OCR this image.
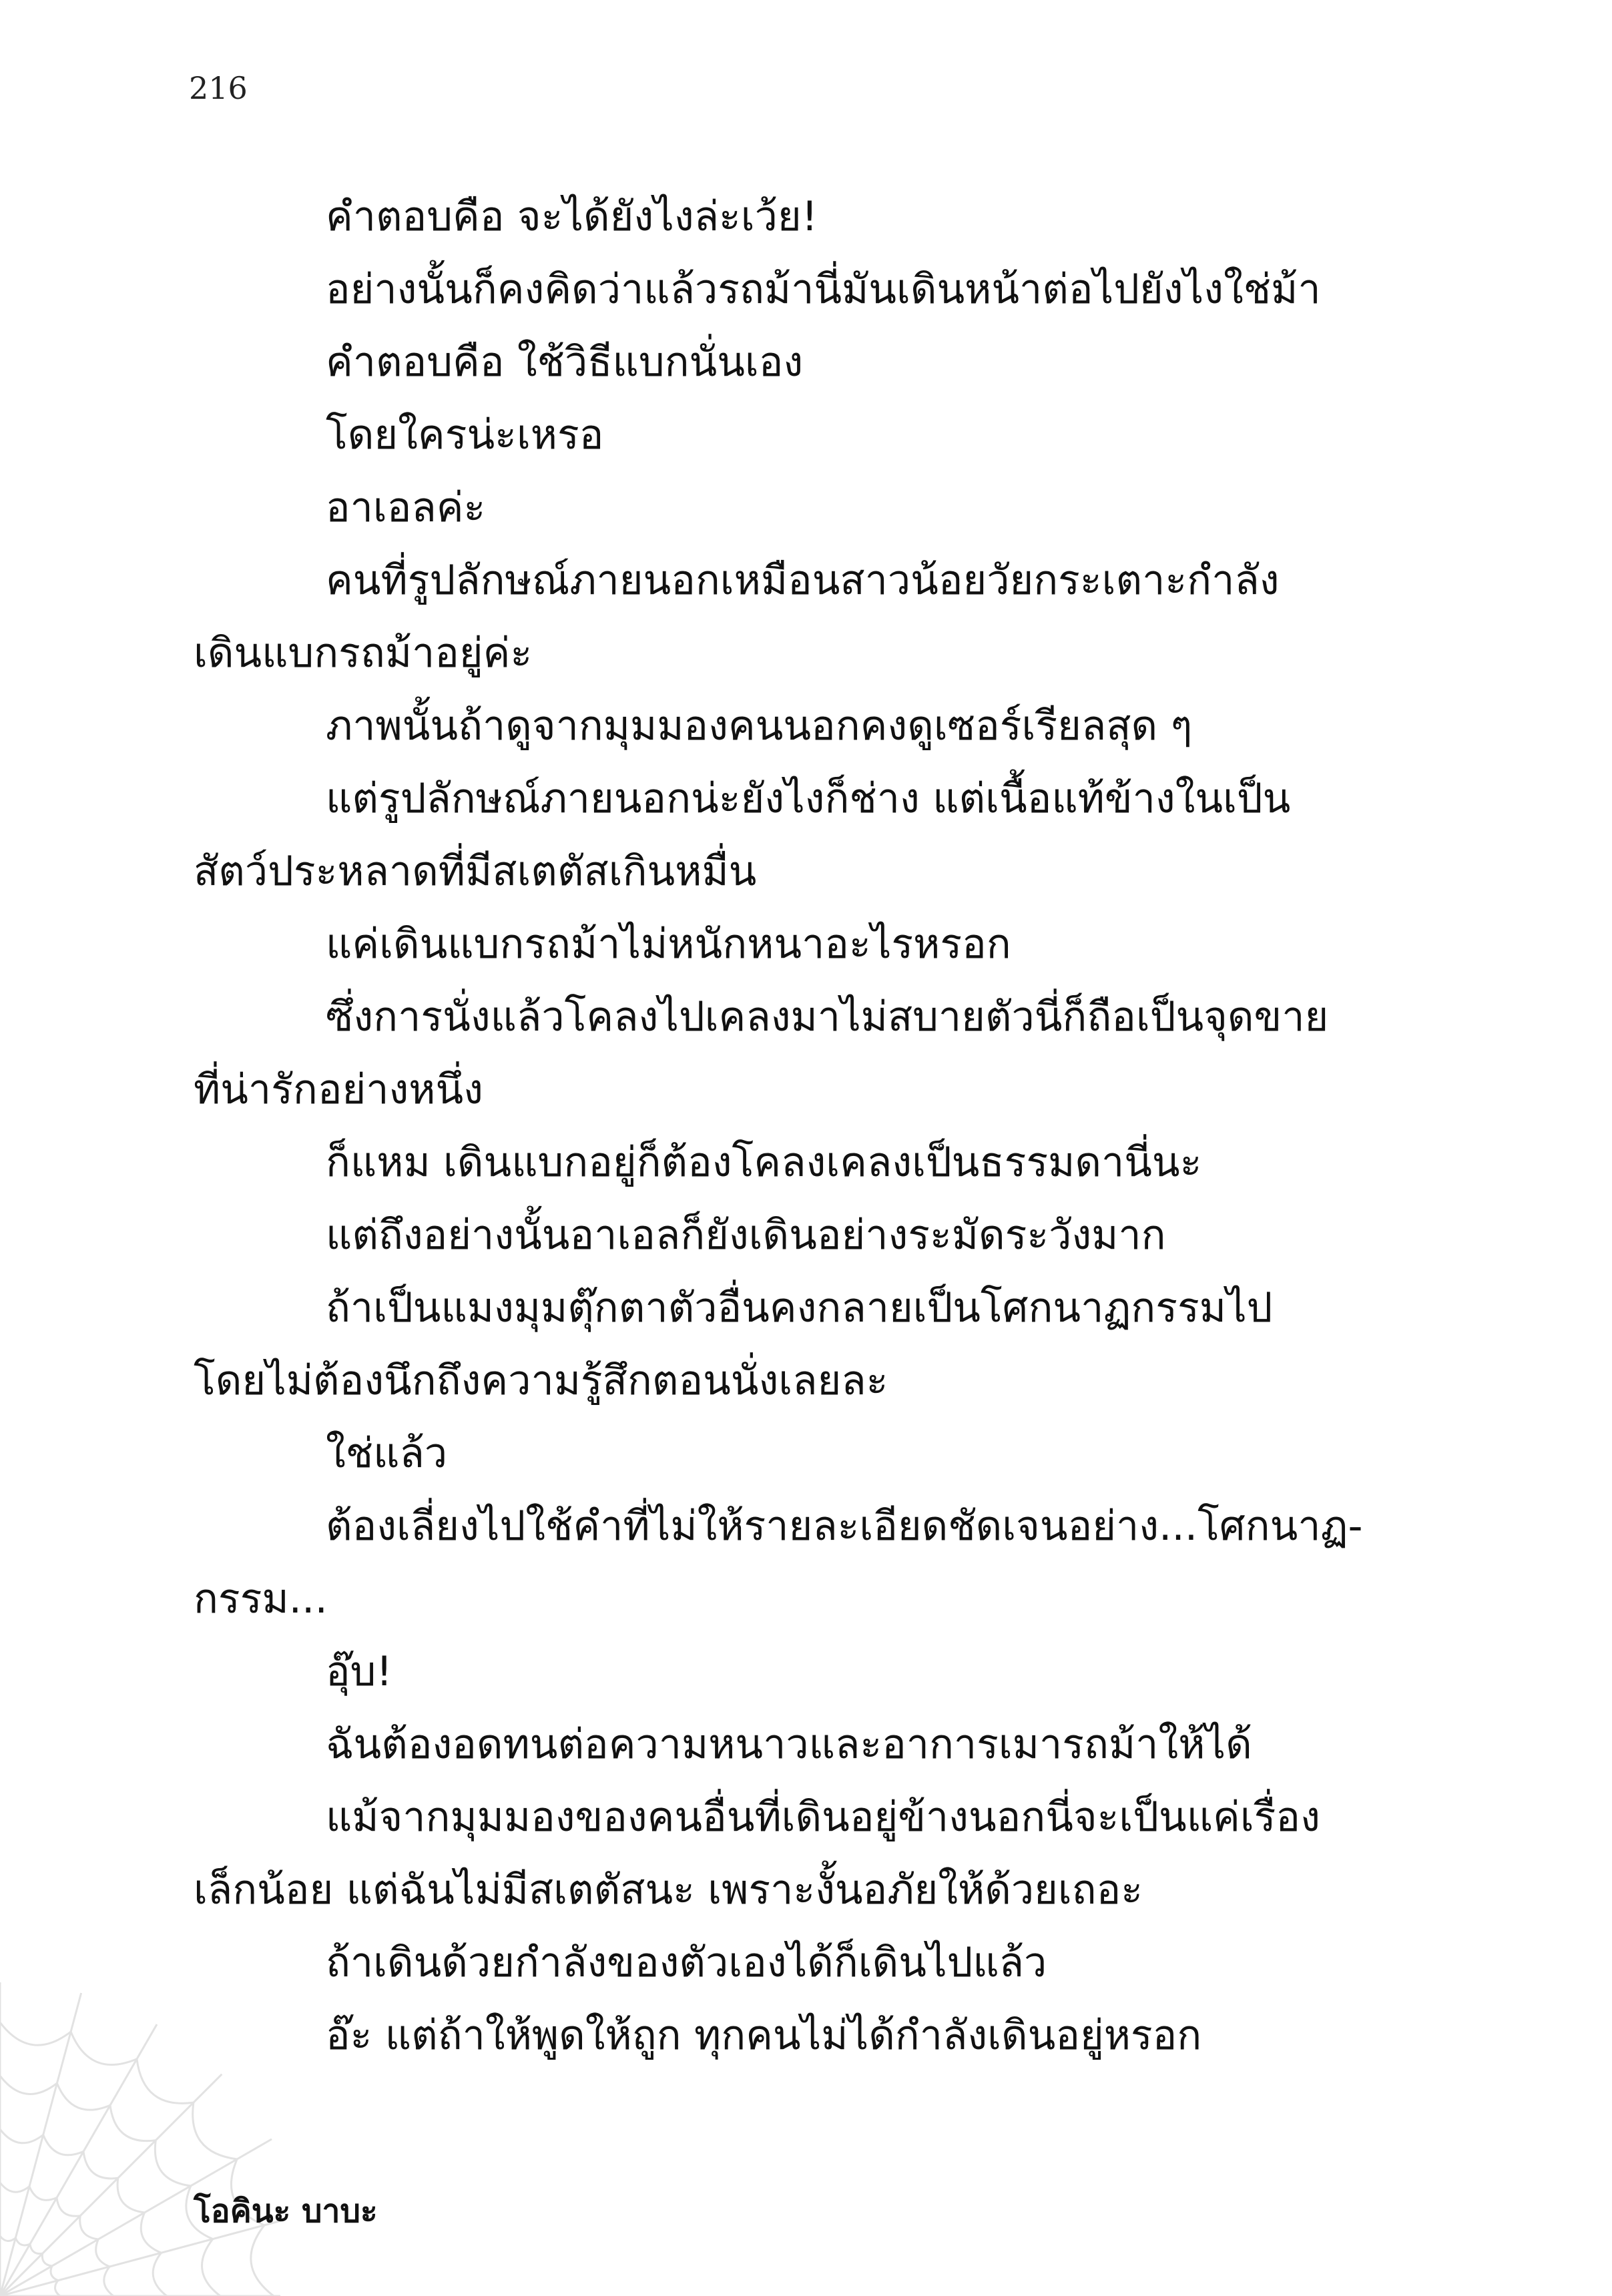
216

คำตอบคือ จะได้ยังไงล่ะเว้ย!

อย่างนั้นก็คงคิดว่าแล้วรถม้านี่มันเดินหน้าต่อไปยังไงใช่ม้า

คำตอบคือ ใช้วิธีแบกนั่นเอง

โดยใครน่ะเหรอ

อาเอลค่ะ

คนที่รูปลักษณ์ภายนอกเหมือนสาวน้อยวัยกระเตาะกำลัง

เดินแบกรถม้าอยู่ค่ะ

ภาพนั้นถ้าดูจากมุมมองคนนอกคงดูเซอร์เรียลสุด ๆ

แต่รูปลักษณ์ภายนอกน่ะยังไงก็ช่าง แต่เนื้อแท้ข้างในเป็น

สัตว์ประหลาดที่มีสเตตัสเกินหมื่น

แค่เดินแบกรถม้าไม่หนักหนาอะไรหรอก

ซึ่งการนั่งแล้วโคลงไปเคลงมาไม่สบายตัวนี่ก็ถือเป็นจุดขาย

ที่น่ารักอย่างหนึ่ง

ก็แหม เดินแบกอยู่ก็ต้องโคลงเคลงเป็นธรรมดานี่นะ

แต่ถึงอย่างนั้นอาเอลก็ยังเดินอย่างระมัดระวังมาก

ถ้าเป็นแมงมุมตุ๊กตาตัวอื่นคงกลายเป็นโศกนาฏกรรมไป

โดยไม่ต้องนึกถึงความรู้สึกตอนนั่งเลยละ

ใช่แล้ว

ต้องเลี่ยงไปใช้คำที่ไม่ให้รายละเอียดชัดเจนอย่าง...โศกนาฏ-

กรรม...

อุ๊บ!

ฉันต้องอดทนต่อความหนาวและอาการเมารถม้าให้ได้

แม้จากมุมมองของคนอื่นที่เดินอยู่ข้างนอกนี่จะเป็นแค่เรื่อง

เล็กน้อย แต่ฉันไม่มีสเตตัสนะ เพราะงั้นอภัยให้ด้วยเถอะ

ถ้าเดินด้วยกำลังของตัวเองได้ก็เดินไปแล้ว

อ๊ะ แต่ถ้าให้พูดให้ถูก ทุกคนไม่ได้กำลังเดินอยู่หรอก

โอคินะ บาบะ
